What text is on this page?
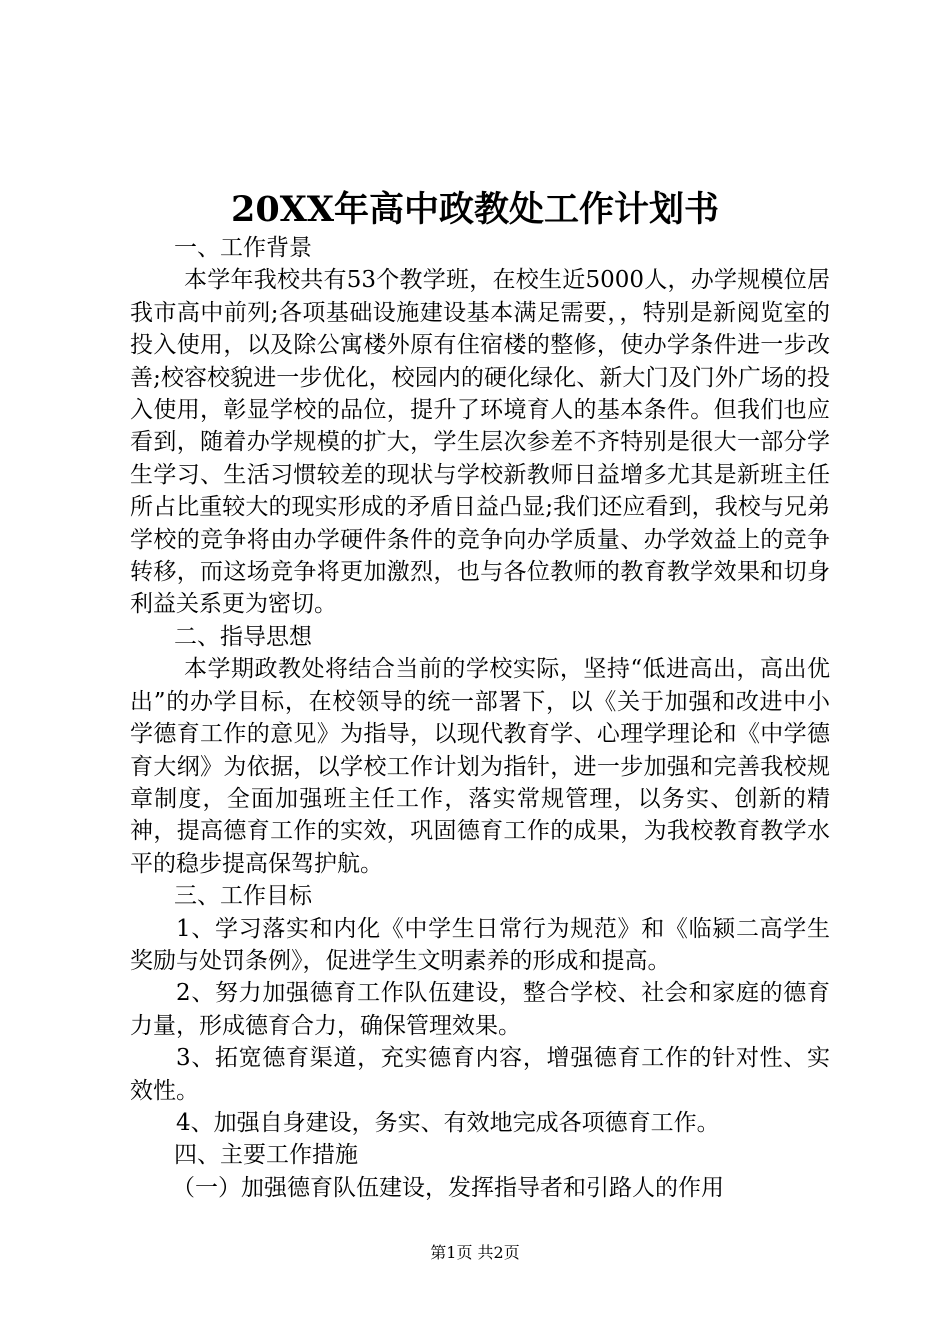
20XX年高中政教处工作计划书

一、工作背景

本学年我校共有53个教学班，在校生近5000人，办学规模位居我市高中前列;各项基础设施建设基本满足需要，，特别是新阅览室的投入使用，以及除公寓楼外原有住宿楼的整修，使办学条件进一步改善;校容校貌进一步优化，校园内的硬化绿化、新大门及门外广场的投入使用，彰显学校的品位，提升了环境育人的基本条件。但我们也应看到，随着办学规模的扩大，学生层次参差不齐特别是很大一部分学生学习、生活习惯较差的现状与学校新教师日益增多尤其是新班主任所占比重较大的现实形成的矛盾日益凸显;我们还应看到，我校与兄弟学校的竞争将由办学硬件条件的竞争向办学质量、办学效益上的竞争转移，而这场竞争将更加激烈，也与各位教师的教育教学效果和切身利益关系更为密切。

二、指导思想

本学期政教处将结合当前的学校实际，坚持“低进高出，高出优出”的办学目标，在校领导的统一部署下，以《关于加强和改进中小学德育工作的意见》为指导，以现代教育学、心理学理论和《中学德育大纲》为依据，以学校工作计划为指针，进一步加强和完善我校规章制度，全面加强班主任工作，落实常规管理，以务实、创新的精神，提高德育工作的实效，巩固德育工作的成果，为我校教育教学水平的稳步提高保驾护航。

三、工作目标

1、学习落实和内化《中学生日常行为规范》和《临颍二高学生奖励与处罚条例》，促进学生文明素养的形成和提高。

2、努力加强德育工作队伍建设，整合学校、社会和家庭的德育力量，形成德育合力，确保管理效果。

3、拓宽德育渠道，充实德育内容，增强德育工作的针对性、实效性。

4、加强自身建设，务实、有效地完成各项德育工作。

四、主要工作措施

（一）加强德育队伍建设，发挥指导者和引路人的作用

第1页 共2页
